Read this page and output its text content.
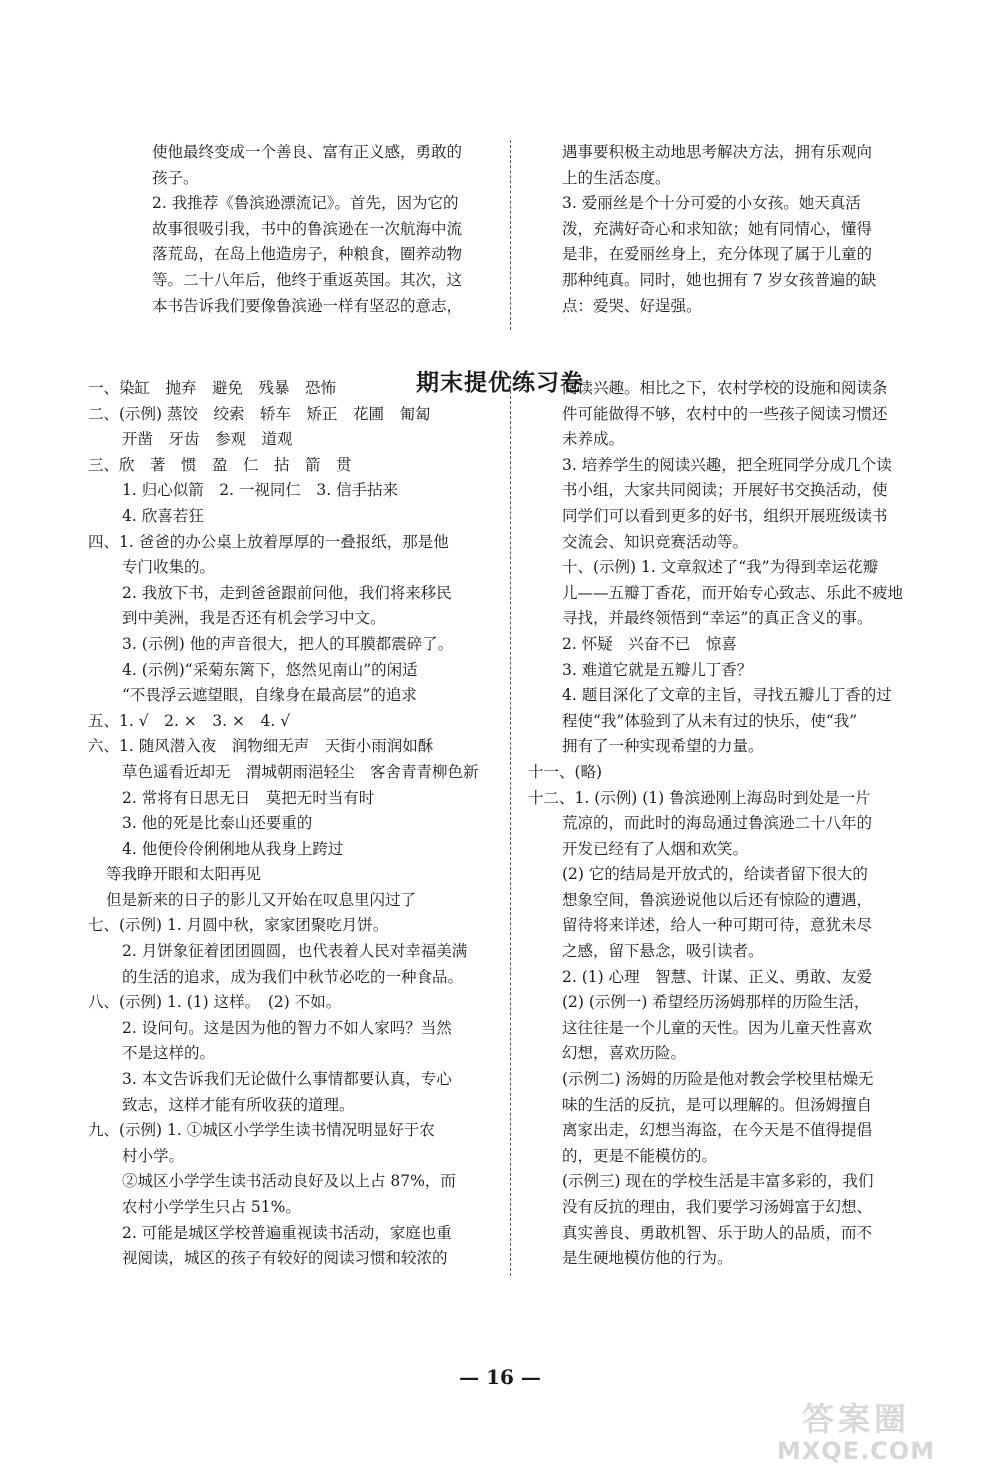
使他最终变成一个善良、富有正义感，勇敢的
孩子。
2. 我推荐《鲁滨逊漂流记》。首先，因为它的
故事很吸引我，书中的鲁滨逊在一次航海中流
落荒岛，在岛上他造房子，种粮食，圈养动物
等。二十八年后，他终于重返英国。其次，这
本书告诉我们要像鲁滨逊一样有坚忍的意志，
遇事要积极主动地思考解决方法，拥有乐观向
上的生活态度。
3. 爱丽丝是个十分可爱的小女孩。她天真活
泼，充满好奇心和求知欲；她有同情心，懂得
是非，在爱丽丝身上，充分体现了属于儿童的
那种纯真。同时，她也拥有 7 岁女孩普遍的缺
点：爱哭、好逞强。
期末提优练习卷
一、染缸　抛弃　避免　残暴　恐怖
二、(示例) 蒸饺　绞索　轿车　矫正　花圃　匍匐
开凿　牙齿　参观　道观
三、欣　著　惯　盈　仁　拈　箭　贯
1. 归心似箭　2. 一视同仁　3. 信手拈来
4. 欣喜若狂
四、1. 爸爸的办公桌上放着厚厚的一叠报纸，那是他
专门收集的。
2. 我放下书，走到爸爸跟前问他，我们将来移民
到中美洲，我是否还有机会学习中文。
3. (示例) 他的声音很大，把人的耳膜都震碎了。
4. (示例)“采菊东篱下，悠然见南山”的闲适
“不畏浮云遮望眼，自缘身在最高层”的追求
五、1. √　2. ×　3. ×　4. √
六、1. 随风潜入夜　润物细无声　天街小雨润如酥
草色遥看近却无　渭城朝雨浥轻尘　客舍青青柳色新
2. 常将有日思无日　莫把无时当有时
3. 他的死是比泰山还要重的
4. 他便伶伶俐俐地从我身上跨过
等我睁开眼和太阳再见
但是新来的日子的影儿又开始在叹息里闪过了
七、(示例) 1. 月圆中秋，家家团聚吃月饼。
2. 月饼象征着团团圆圆，也代表着人民对幸福美满
的生活的追求，成为我们中秋节必吃的一种食品。
八、(示例) 1. (1) 这样。　(2) 不如。
2. 设问句。这是因为他的智力不如人家吗？当然
不是这样的。
3. 本文告诉我们无论做什么事情都要认真，专心
致志，这样才能有所收获的道理。
九、(示例) 1. ①城区小学学生读书情况明显好于农
村小学。
②城区小学学生读书活动良好及以上占 87%，而
农村小学学生只占 51%。
2. 可能是城区学校普遍重视读书活动，家庭也重
视阅读，城区的孩子有较好的阅读习惯和较浓的
阅读兴趣。相比之下，农村学校的设施和阅读条
件可能做得不够，农村中的一些孩子阅读习惯还
未养成。
3. 培养学生的阅读兴趣，把全班同学分成几个读
书小组，大家共同阅读；开展好书交换活动，使
同学们可以看到更多的好书，组织开展班级读书
交流会、知识竞赛活动等。
十、(示例) 1. 文章叙述了“我”为得到幸运花瓣
儿——五瓣丁香花，而开始专心致志、乐此不疲地
寻找，并最终领悟到“幸运”的真正含义的事。
2. 怀疑　兴奋不已　惊喜
3. 难道它就是五瓣儿丁香？
4. 题目深化了文章的主旨，寻找五瓣儿丁香的过
程使“我”体验到了从未有过的快乐，使“我”
拥有了一种实现希望的力量。
十一、(略)
十二、1. (示例) (1) 鲁滨逊刚上海岛时到处是一片
荒凉的，而此时的海岛通过鲁滨逊二十八年的
开发已经有了人烟和欢笑。
(2) 它的结局是开放式的，给读者留下很大的
想象空间，鲁滨逊说他以后还有惊险的遭遇，
留待将来详述，给人一种可期可待，意犹未尽
之感，留下悬念，吸引读者。
2. (1) 心理　智慧、计谋、正义、勇敢、友爱
(2) (示例一) 希望经历汤姆那样的历险生活，
这往往是一个儿童的天性。因为儿童天性喜欢
幻想，喜欢历险。
(示例二) 汤姆的历险是他对教会学校里枯燥无
味的生活的反抗，是可以理解的。但汤姆擅自
离家出走，幻想当海盗，在今天是不值得提倡
的，更是不能模仿的。
(示例三) 现在的学校生活是丰富多彩的，我们
没有反抗的理由，我们要学习汤姆富于幻想、
真实善良、勇敢机智、乐于助人的品质，而不
是生硬地模仿他的行为。
— 16 —
答案圈
MXQE.COM
